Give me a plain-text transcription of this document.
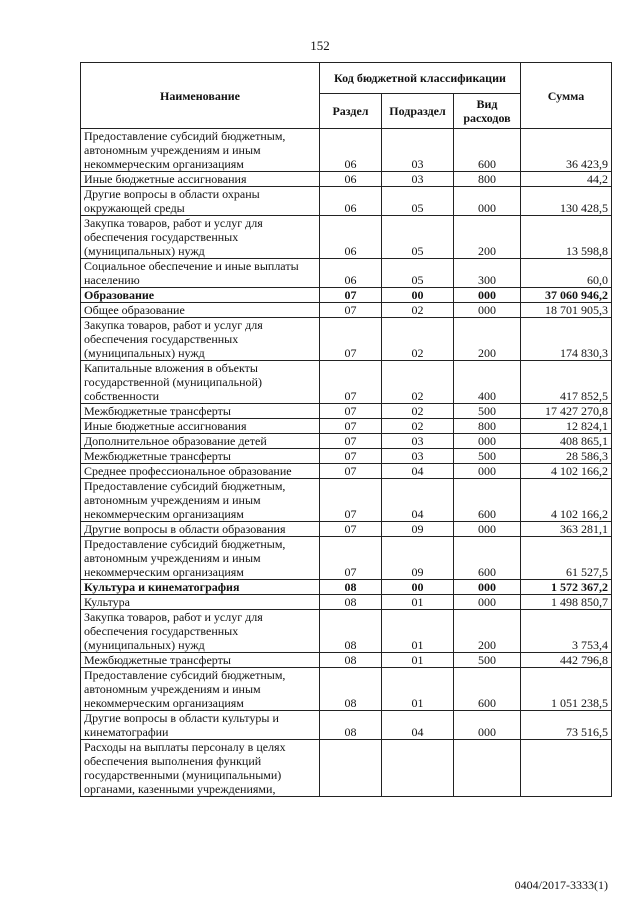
152
Наименование	Код бюджетной классификации			Сумма
	Раздел	Подраздел	Вид расходов	
Предоставление субсидий бюджетным, автономным учреждениям и иным некоммерческим организациям	06	03	600	36 423,9
Иные бюджетные ассигнования	06	03	800	44,2
Другие вопросы в области охраны окружающей среды	06	05	000	130 428,5
Закупка товаров, работ и услуг для обеспечения государственных (муниципальных) нужд	06	05	200	13 598,8
Социальное обеспечение и иные выплаты населению	06	05	300	60,0
Образование	07	00	000	37 060 946,2
Общее образование	07	02	000	18 701 905,3
Закупка товаров, работ и услуг для обеспечения государственных (муниципальных) нужд	07	02	200	174 830,3
Капитальные вложения в объекты государственной (муниципальной) собственности	07	02	400	417 852,5
Межбюджетные трансферты	07	02	500	17 427 270,8
Иные бюджетные ассигнования	07	02	800	12 824,1
Дополнительное образование детей	07	03	000	408 865,1
Межбюджетные трансферты	07	03	500	28 586,3
Среднее профессиональное образование	07	04	000	4 102 166,2
Предоставление субсидий бюджетным, автономным учреждениям и иным некоммерческим организациям	07	04	600	4 102 166,2
Другие вопросы в области образования	07	09	000	363 281,1
Предоставление субсидий бюджетным, автономным учреждениям и иным некоммерческим организациям	07	09	600	61 527,5
Культура и кинематография	08	00	000	1 572 367,2
Культура	08	01	000	1 498 850,7
Закупка товаров, работ и услуг для обеспечения государственных (муниципальных) нужд	08	01	200	3 753,4
Межбюджетные трансферты	08	01	500	442 796,8
Предоставление субсидий бюджетным, автономным учреждениям и иным некоммерческим организациям	08	01	600	1 051 238,5
Другие вопросы в области культуры и кинематографии	08	04	000	73 516,5
Расходы на выплаты персоналу в целях обеспечения выполнения функций государственными (муниципальными) органами, казенными учреждениями,				
0404/2017-3333(1)
